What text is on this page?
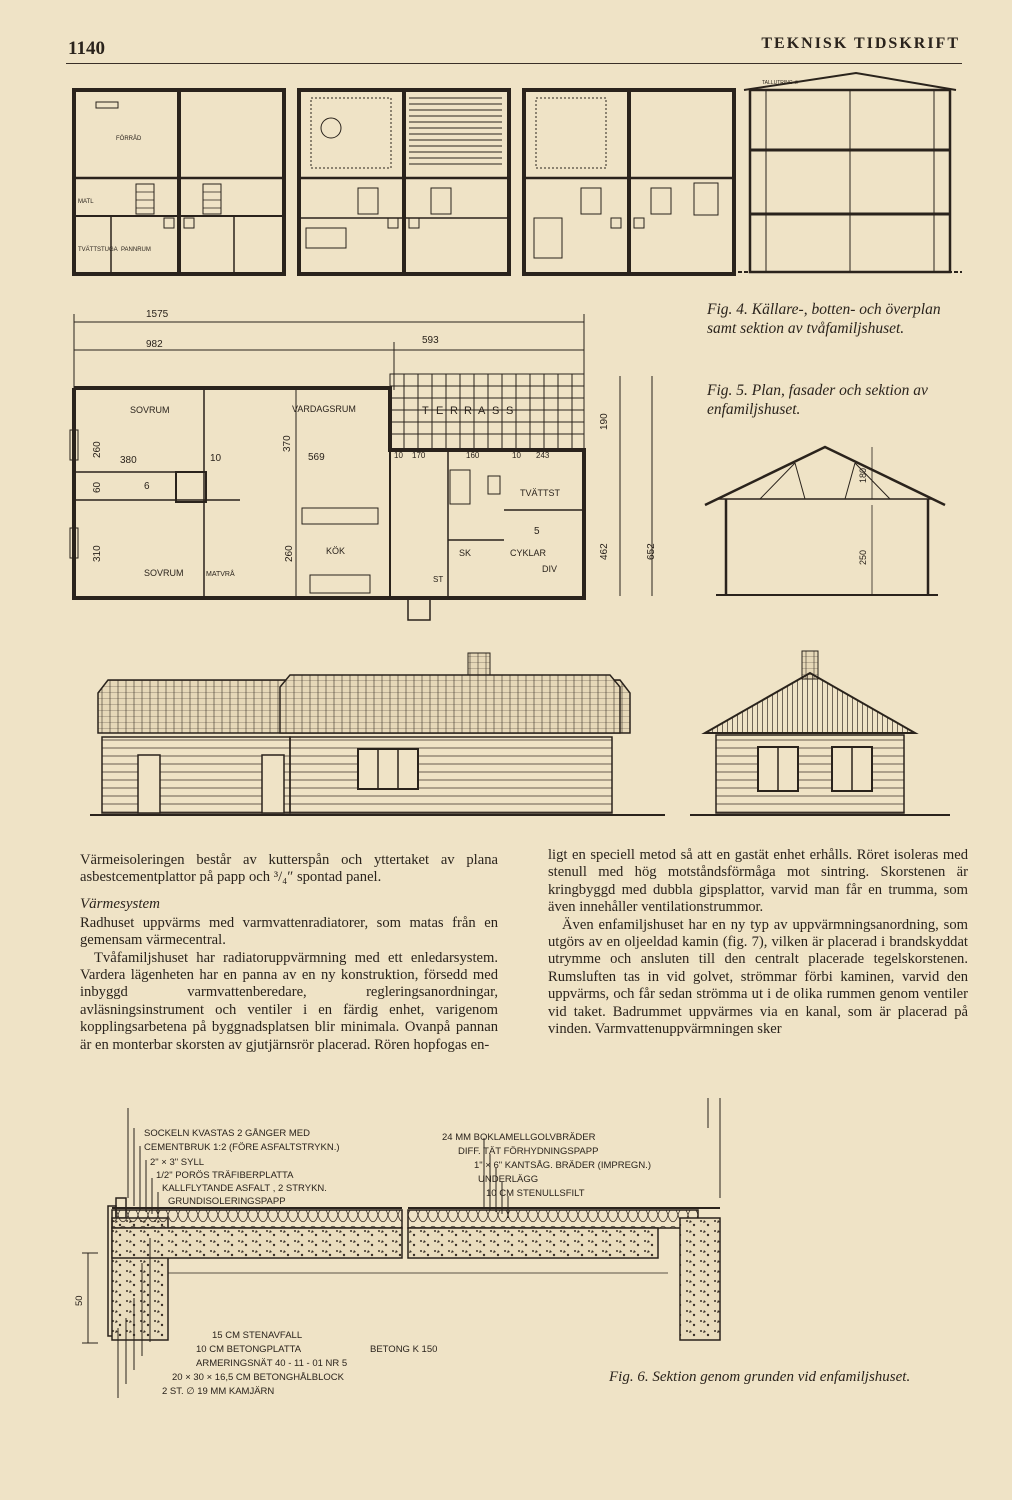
1140	TEKNISK TIDSKRIFT
FÖRRÅD
MATL
TVÄTTSTUGA PANNRUM
TALLUTRING ∅
Fig. 4. Källare-, botten- och överplan samt sektion av tvåfamiljshuset.
Fig. 5. Plan, fasader och sektion av enfamiljshuset.
1575
982	593
190
462	652
260
60
310
370
569
380	10
6
170	160	243
10	10
260
5
SOVRUM
SOVRUM
VARDAGSRUM
MATVRÅ
KÖK	SK
ST
TVÄTTST
CYKLAR
DIV
T E R R A S S
180
250

Värmeisoleringen består av kutterspån och yttertaket av plana asbestcementplattor på papp och ³/₄″ spontad panel.

Värmesystem

Radhuset uppvärms med varmvattenradiatorer, som matas från en gemensam värmecentral.

Tvåfamiljshuset har radiatoruppvärmning med ett enledarsystem. Vardera lägenheten har en panna av en ny konstruktion, försedd med inbyggd varmvattenberedare, regleringsanordningar, avläsningsinstrument och ventiler i en färdig enhet, varigenom kopplingsarbetena på byggnadsplatsen blir minimala. Ovanpå pannan är en monterbar skorsten av gjutjärnsrör placerad. Rören hopfogas en-

ligt en speciell metod så att en gastät enhet erhålls. Röret isoleras med stenull med hög motståndsförmåga mot sintring. Skorstenen är kringbyggd med dubbla gipsplattor, varvid man får en trumma, som även innehåller ventilationstrummor.

Även enfamiljshuset har en ny typ av uppvärmningsanordning, som utgörs av en oljeeldad kamin (fig. 7), vilken är placerad i brandskyddat utrymme och ansluten till den centralt placerade tegelskorstenen. Rumsluften tas in vid golvet, strömmar förbi kaminen, varvid den uppvärms, och får sedan strömma ut i de olika rummen genom ventiler vid taket. Badrummet uppvärmes via en kanal, som är placerad på vinden. Varmvattenuppvärmningen sker

SOCKELN KVASTAS 2 GÅNGER MED
CEMENTBRUK 1:2 (FÖRE ASFALTSTRYKN.)
2" × 3" SYLL
1/2" PORÖS TRÄFIBERPLATTA
KALLFLYTANDE ASFALT , 2 STRYKN.
GRUNDISOLERINGSPAPP
24 MM BOKLAMELLGOLVBRÄDER
DIFF. TÄT FÖRHYDNINGSPAPP
1" × 6" KANTSÅG. BRÄDER (IMPREGN.)
UNDERLÄGG
10 CM STENULLSFILT
15 CM STENAVFALL
10 CM BETONGPLATTA	BETONG K 150
ARMERINGSNÄT 40 - 11 - 01 NR 5
20 × 30 × 16,5 CM BETONGHÅLBLOCK
2 ST. ∅ 19 MM KAMJÄRN
50
Fig. 6. Sektion genom grunden vid enfamiljshuset.
